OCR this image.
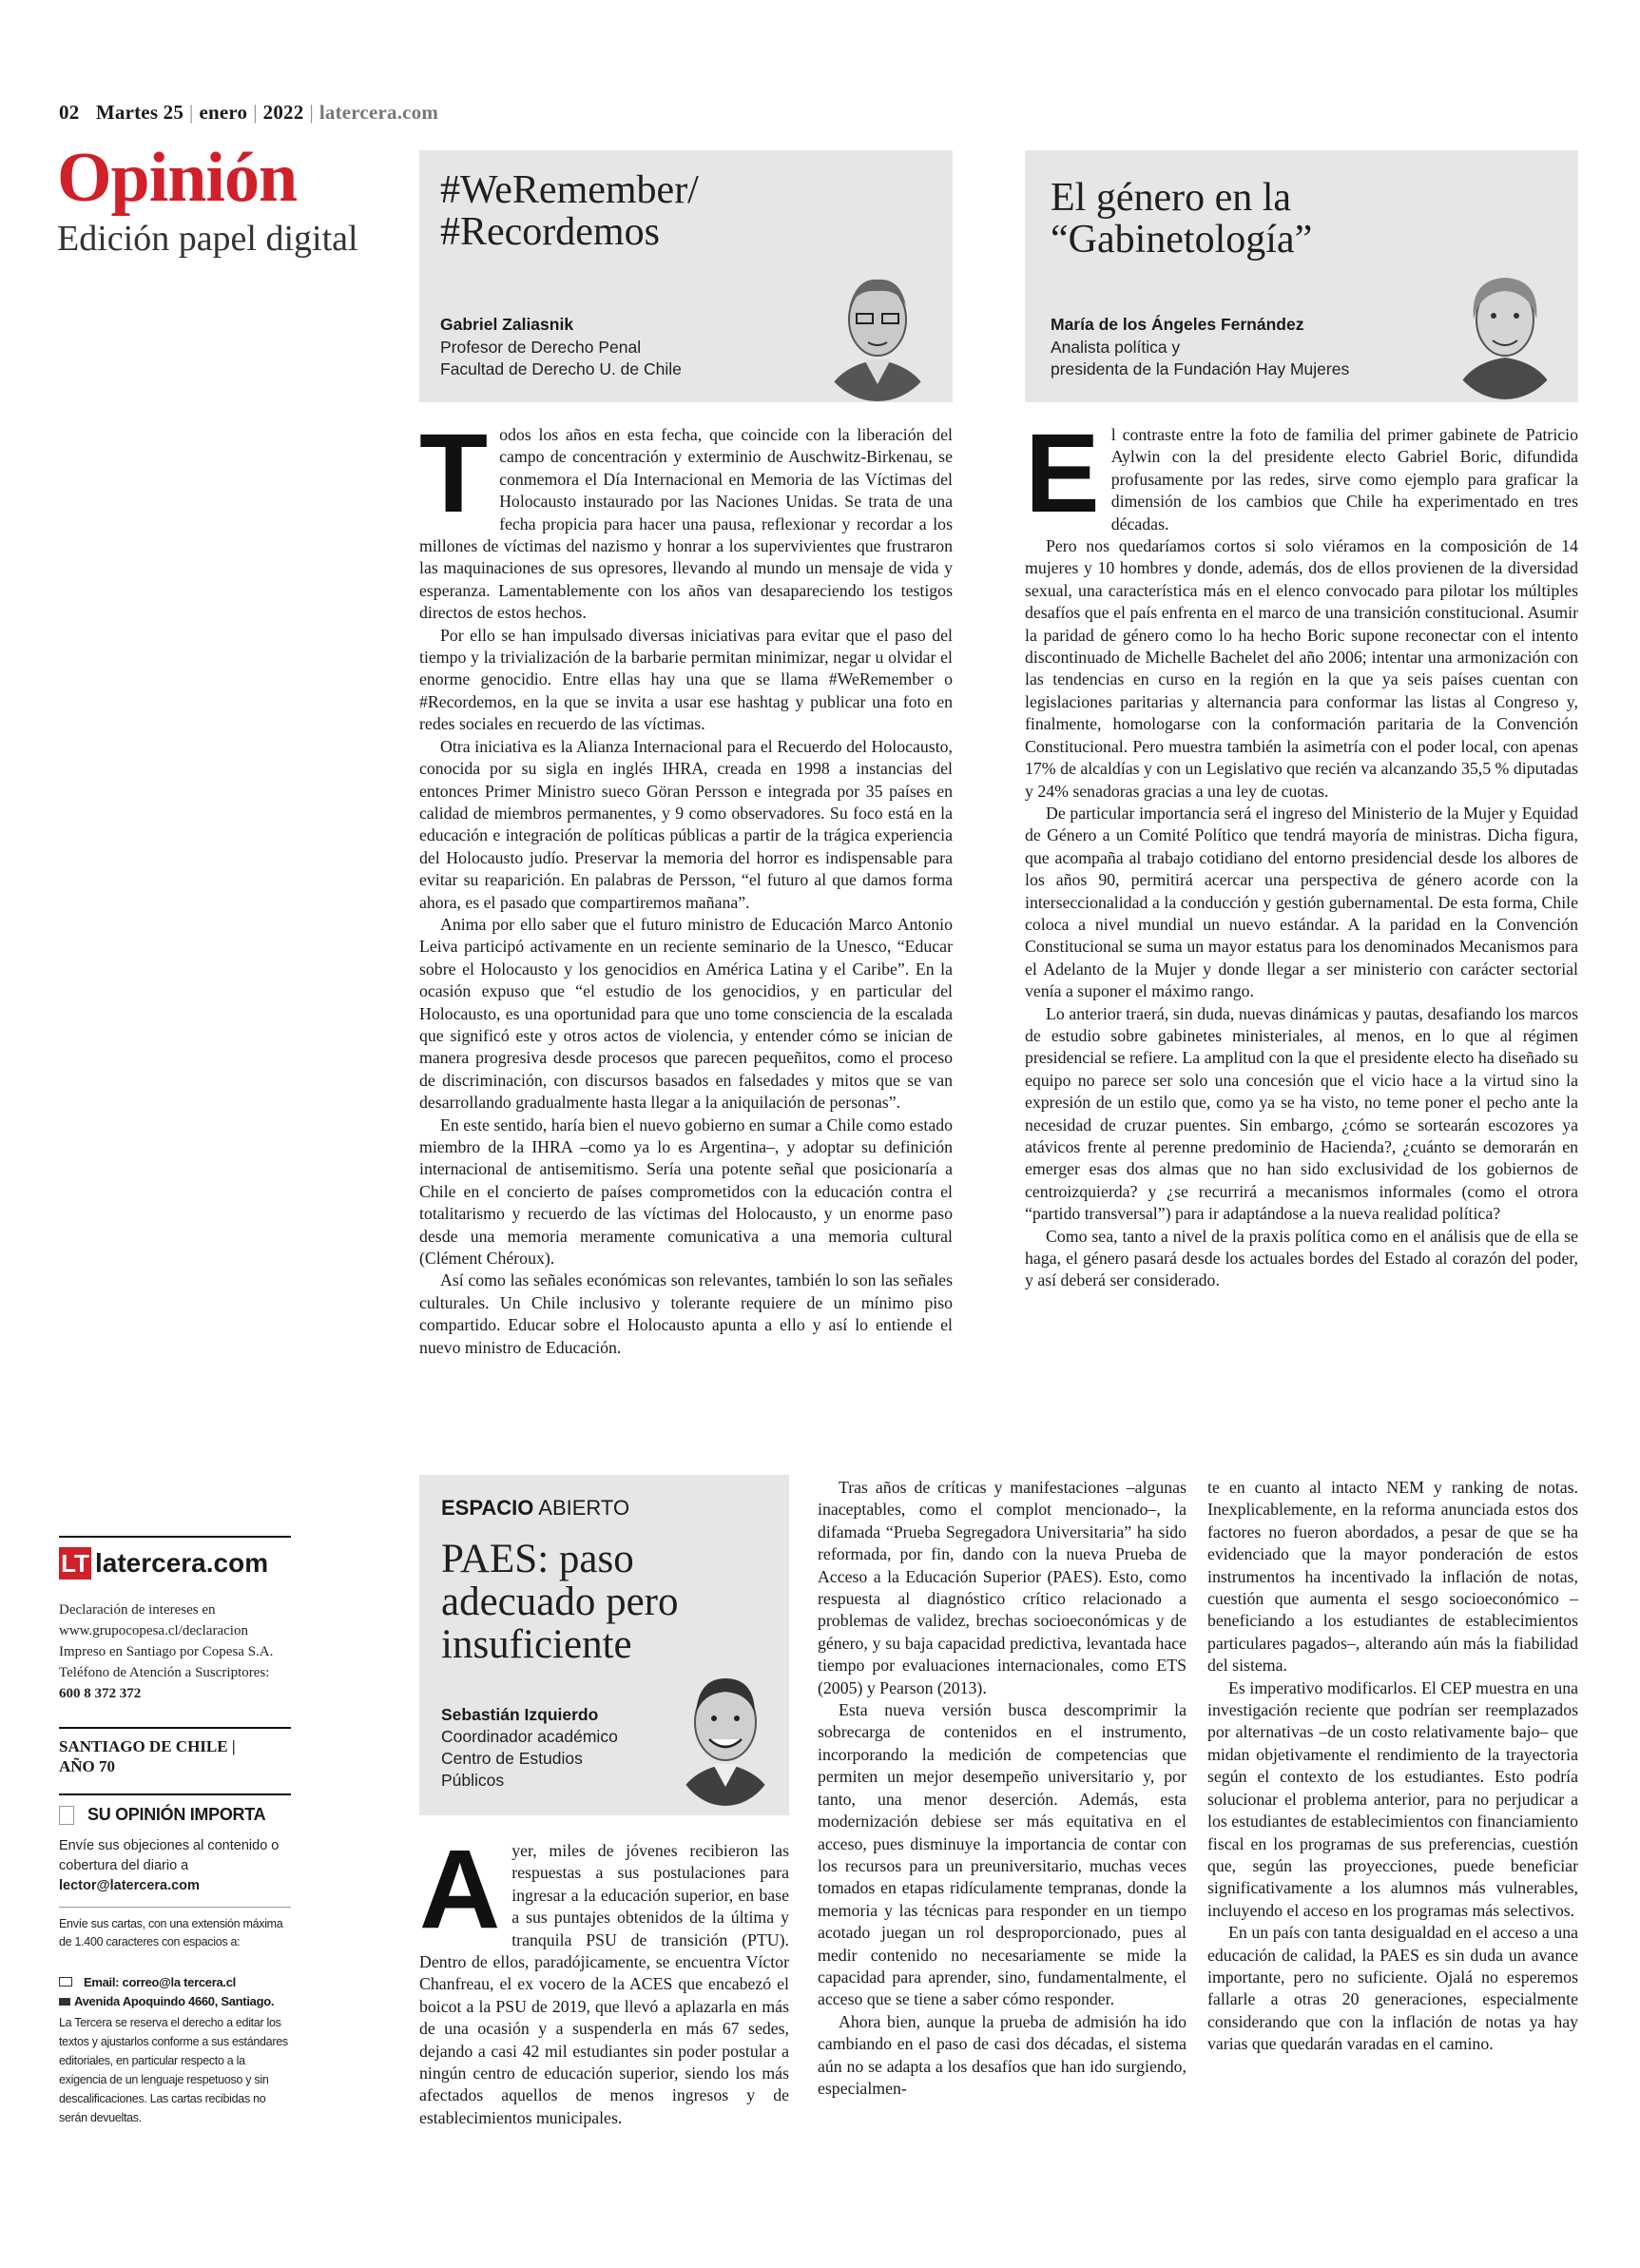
02 Martes 25 | enero | 2022 | latercera.com
Opinión
Edición papel digital
#WeRemember/
#Recordemos
Gabriel Zaliasnik
Profesor de Derecho Penal
Facultad de Derecho U. de Chile
El género en la
“Gabinetología”
María de los Ángeles Fernández
Analista política y
presidenta de la Fundación Hay Mujeres

Todos los años en esta fecha, que coincide con la liberación del campo de concentración y exterminio de Auschwitz-Birkenau, se conmemora el Día Internacional en Memoria de las Víctimas del Holocausto instaurado por las Naciones Unidas. Se trata de una fecha propicia para hacer una pausa, reflexionar y recordar a los millones de víctimas del nazismo y honrar a los supervivientes que frustraron las maquinaciones de sus opresores, llevando al mundo un mensaje de vida y esperanza. Lamentablemente con los años van desapareciendo los testigos directos de estos hechos.

Por ello se han impulsado diversas iniciativas para evitar que el paso del tiempo y la trivialización de la barbarie permitan minimizar, negar u olvidar el enorme genocidio. Entre ellas hay una que se llama #WeRemember o #Recordemos, en la que se invita a usar ese hashtag y publicar una foto en redes sociales en recuerdo de las víctimas.

Otra iniciativa es la Alianza Internacional para el Recuerdo del Holocausto, conocida por su sigla en inglés IHRA, creada en 1998 a instancias del entonces Primer Ministro sueco Göran Persson e integrada por 35 países en calidad de miembros permanentes, y 9 como observadores. Su foco está en la educación e integración de políticas públicas a partir de la trágica experiencia del Holocausto judío. Preservar la memoria del horror es indispensable para evitar su reaparición. En palabras de Persson, “el futuro al que damos forma ahora, es el pasado que compartiremos mañana”.

Anima por ello saber que el futuro ministro de Educación Marco Antonio Leiva participó activamente en un reciente seminario de la Unesco, “Educar sobre el Holocausto y los genocidios en América Latina y el Caribe”. En la ocasión expuso que “el estudio de los genocidios, y en particular del Holocausto, es una oportunidad para que uno tome consciencia de la escalada que significó este y otros actos de violencia, y entender cómo se inician de manera progresiva desde procesos que parecen pequeñitos, como el proceso de discriminación, con discursos basados en falsedades y mitos que se van desarrollando gradualmente hasta llegar a la aniquilación de personas”.

En este sentido, haría bien el nuevo gobierno en sumar a Chile como estado miembro de la IHRA –como ya lo es Argentina–, y adoptar su definición internacional de antisemitismo. Sería una potente señal que posicionaría a Chile en el concierto de países comprometidos con la educación contra el totalitarismo y recuerdo de las víctimas del Holocausto, y un enorme paso desde una memoria meramente comunicativa a una memoria cultural (Clément Chéroux).

Así como las señales económicas son relevantes, también lo son las señales culturales. Un Chile inclusivo y tolerante requiere de un mínimo piso compartido. Educar sobre el Holocausto apunta a ello y así lo entiende el nuevo ministro de Educación.

El contraste entre la foto de familia del primer gabinete de Patricio Aylwin con la del presidente electo Gabriel Boric, difundida profusamente por las redes, sirve como ejemplo para graficar la dimensión de los cambios que Chile ha experimentado en tres décadas.

Pero nos quedaríamos cortos si solo viéramos en la composición de 14 mujeres y 10 hombres y donde, además, dos de ellos provienen de la diversidad sexual, una característica más en el elenco convocado para pilotar los múltiples desafíos que el país enfrenta en el marco de una transición constitucional. Asumir la paridad de género como lo ha hecho Boric supone reconectar con el intento discontinuado de Michelle Bachelet del año 2006; intentar una armonización con las tendencias en curso en la región en la que ya seis países cuentan con legislaciones paritarias y alternancia para conformar las listas al Congreso y, finalmente, homologarse con la conformación paritaria de la Convención Constitucional. Pero muestra también la asimetría con el poder local, con apenas 17% de alcaldías y con un Legislativo que recién va alcanzando 35,5 % diputadas y 24% senadoras gracias a una ley de cuotas.

De particular importancia será el ingreso del Ministerio de la Mujer y Equidad de Género a un Comité Político que tendrá mayoría de ministras. Dicha figura, que acompaña al trabajo cotidiano del entorno presidencial desde los albores de los años 90, permitirá acercar una perspectiva de género acorde con la interseccionalidad a la conducción y gestión gubernamental. De esta forma, Chile coloca a nivel mundial un nuevo estándar. A la paridad en la Convención Constitucional se suma un mayor estatus para los denominados Mecanismos para el Adelanto de la Mujer y donde llegar a ser ministerio con carácter sectorial venía a suponer el máximo rango.

Lo anterior traerá, sin duda, nuevas dinámicas y pautas, desafiando los marcos de estudio sobre gabinetes ministeriales, al menos, en lo que al régimen presidencial se refiere. La amplitud con la que el presidente electo ha diseñado su equipo no parece ser solo una concesión que el vicio hace a la virtud sino la expresión de un estilo que, como ya se ha visto, no teme poner el pecho ante la necesidad de cruzar puentes. Sin embargo, ¿cómo se sortearán escozores ya atávicos frente al perenne predominio de Hacienda?, ¿cuánto se demorarán en emerger esas dos almas que no han sido exclusividad de los gobiernos de centroizquierda? y ¿se recurrirá a mecanismos informales (como el otrora “partido transversal”) para ir adaptándose a la nueva realidad política?

Como sea, tanto a nivel de la praxis política como en el análisis que de ella se haga, el género pasará desde los actuales bordes del Estado al corazón del poder, y así deberá ser considerado.

LT latercera.com
Declaración de intereses en www.grupocopesa.cl/declaracion Impreso en Santiago por Copesa S.A. Teléfono de Atención a Suscriptores: 600 8 372 372
SANTIAGO DE CHILE |
AÑO 70
SU OPINIÓN IMPORTA
Envíe sus objeciones al contenido o cobertura del diario a
lector@latercera.com
Envíe sus cartas, con una extensión máxima de 1.400 caracteres con espacios a:
Email: correo@la tercera.cl
Avenida Apoquindo 4660, Santiago.
La Tercera se reserva el derecho a editar los textos y ajustarlos conforme a sus estándares editoriales, en particular respecto a la exigencia de un lenguaje respetuoso y sin descalificaciones. Las cartas recibidas no serán devueltas.
ESPACIO ABIERTO
PAES: paso
adecuado pero
insuficiente
Sebastián Izquierdo
Coordinador académico
Centro de Estudios
Públicos

Ayer, miles de jóvenes recibieron las respuestas a sus postulaciones para ingresar a la educación superior, en base a sus puntajes obtenidos de la última y tranquila PSU de transición (PTU). Dentro de ellos, paradójicamente, se encuentra Víctor Chanfreau, el ex vocero de la ACES que encabezó el boicot a la PSU de 2019, que llevó a aplazarla en más de una ocasión y a suspenderla en más 67 sedes, dejando a casi 42 mil estudiantes sin poder postular a ningún centro de educación superior, siendo los más afectados aquellos de menos ingresos y de establecimientos municipales.

Tras años de críticas y manifestaciones –algunas inaceptables, como el complot mencionado–, la difamada “Prueba Segregadora Universitaria” ha sido reformada, por fin, dando con la nueva Prueba de Acceso a la Educación Superior (PAES). Esto, como respuesta al diagnóstico crítico relacionado a problemas de validez, brechas socioeconómicas y de género, y su baja capacidad predictiva, levantada hace tiempo por evaluaciones internacionales, como ETS (2005) y Pearson (2013).

Esta nueva versión busca descomprimir la sobrecarga de contenidos en el instrumento, incorporando la medición de competencias que permiten un mejor desempeño universitario y, por tanto, una menor deserción. Además, esta modernización debiese ser más equitativa en el acceso, pues disminuye la importancia de contar con los recursos para un preuniversitario, muchas veces tomados en etapas ridículamente tempranas, donde la memoria y las técnicas para responder en un tiempo acotado juegan un rol desproporcionado, pues al medir contenido no necesariamente se mide la capacidad para aprender, sino, fundamentalmente, el acceso que se tiene a saber cómo responder.

Ahora bien, aunque la prueba de admisión ha ido cambiando en el paso de casi dos décadas, el sistema aún no se adapta a los desafíos que han ido surgiendo, especialmen-

te en cuanto al intacto NEM y ranking de notas. Inexplicablemente, en la reforma anunciada estos dos factores no fueron abordados, a pesar de que se ha evidenciado que la mayor ponderación de estos instrumentos ha incentivado la inflación de notas, cuestión que aumenta el sesgo socioeconómico –beneficiando a los estudiantes de establecimientos particulares pagados–, alterando aún más la fiabilidad del sistema.

Es imperativo modificarlos. El CEP muestra en una investigación reciente que podrían ser reemplazados por alternativas –de un costo relativamente bajo– que midan objetivamente el rendimiento de la trayectoria según el contexto de los estudiantes. Esto podría solucionar el problema anterior, para no perjudicar a los estudiantes de establecimientos con financiamiento fiscal en los programas de sus preferencias, cuestión que, según las proyecciones, puede beneficiar significativamente a los alumnos más vulnerables, incluyendo el acceso en los programas más selectivos.

En un país con tanta desigualdad en el acceso a una educación de calidad, la PAES es sin duda un avance importante, pero no suficiente. Ojalá no esperemos fallarle a otras 20 generaciones, especialmente considerando que con la inflación de notas ya hay varias que quedarán varadas en el camino.
